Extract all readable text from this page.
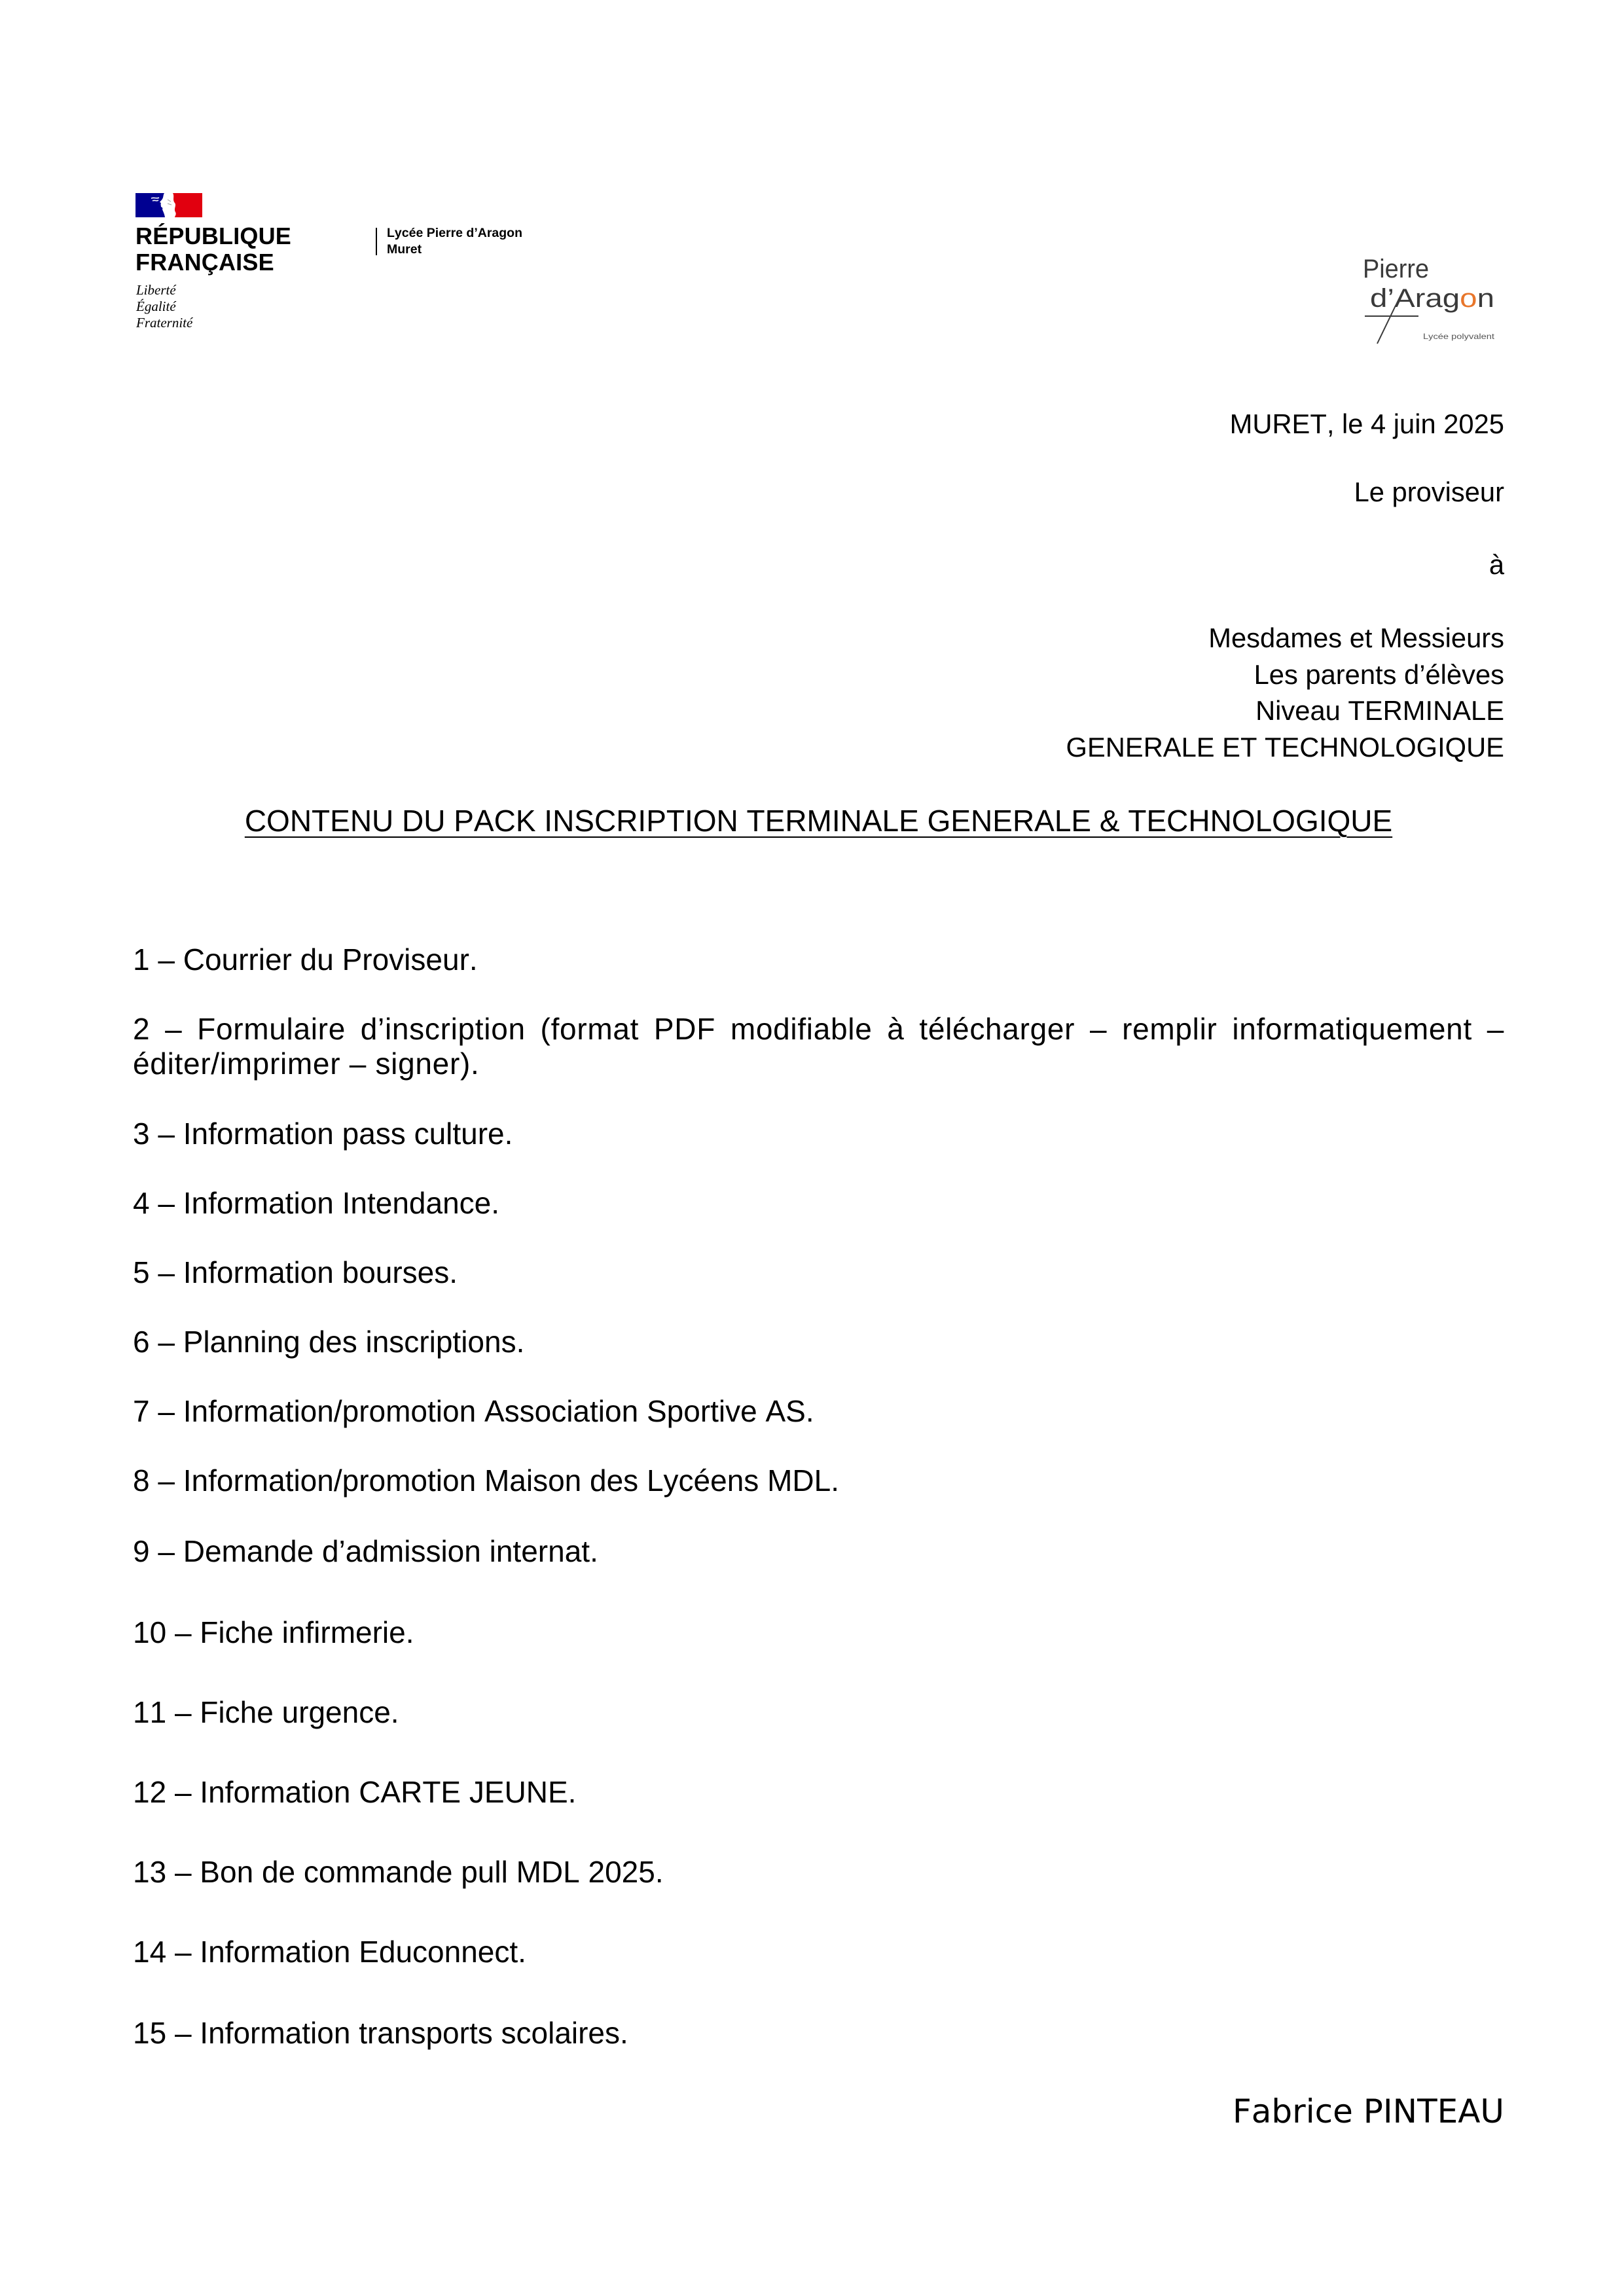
RÉPUBLIQUE
FRANÇAISE
Liberté
Égalité
Fraternité
Lycée Pierre d’Aragon
Muret
Pierre
d’Arag o n
Lycée polyvalent

MURET, le 4 juin 2025

Le proviseur

à

Mesdames et Messieurs
Les parents d’élèves
Niveau TERMINALE
GENERALE ET TECHNOLOGIQUE

CONTENU DU PACK INSCRIPTION TERMINALE GENERALE & TECHNOLOGIQUE

1 – Courrier du Proviseur.

2 – Formulaire d’inscription (format PDF modifiable à télécharger – remplir informatiquement – éditer/imprimer – signer).

3 – Information pass culture.

4 – Information Intendance.

5 – Information bourses.

6 – Planning des inscriptions.

7 – Information/promotion Association Sportive AS.

8 – Information/promotion Maison des Lycéens MDL.

9 – Demande d’admission internat.

10 – Fiche infirmerie.

11 – Fiche urgence.

12 – Information CARTE JEUNE.

13 – Bon de commande pull MDL 2025.

14 – Information Educonnect.

15 – Information transports scolaires.

Fabrice PINTEAU
